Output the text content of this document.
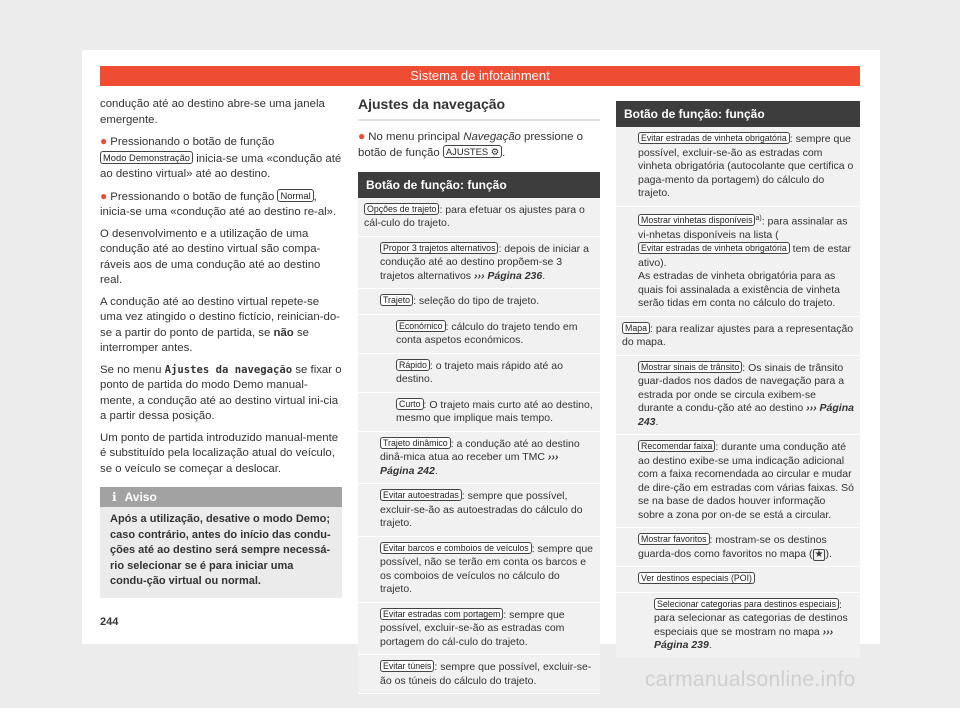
Sistema de infotainment

condução até ao destino abre-se uma janela emergente.

● Pressionando o botão de função Modo Demonstração inicia-se uma «condução até ao destino virtual» até ao destino.
● Pressionando o botão de função Normal , inicia-se uma «condução até ao destino re-al».

O desenvolvimento e a utilização de uma condução até ao destino virtual são compa-ráveis aos de uma condução até ao destino real.

A condução até ao destino virtual repete-se uma vez atingido o destino fictício, reinician-do-se a partir do ponto de partida, se não se interromper antes.

Se no menu Ajustes da navegação se fixar o ponto de partida do modo Demo manual-mente, a condução até ao destino virtual ini-cia a partir dessa posição.

Um ponto de partida introduzido manual-mente é substituído pela localização atual do veículo, se o veículo se começar a deslocar.

ℹ Aviso
Após a utilização, desative o modo Demo; caso contrário, antes do início das condu-ções até ao destino será sempre necessá-rio selecionar se é para iniciar uma condu-ção virtual ou normal.
Ajustes da navegação
● No menu principal Navegação pressione o botão de função AJUSTES ⚙ .
Botão de função: função
Opções de trajeto : para efetuar os ajustes para o cál-culo do trajeto.
Propor 3 trajetos alternativos : depois de iniciar a condução até ao destino propõem-se 3 trajetos alternativos ››› Página 236.
Trajeto : seleção do tipo de trajeto.
Económico : cálculo do trajeto tendo em conta aspetos económicos.
Rápido : o trajeto mais rápido até ao destino.
Curto : O trajeto mais curto até ao destino, mesmo que implique mais tempo.
Trajeto dinâmico : a condução até ao destino dinâ-mica atua ao receber um TMC ››› Página 242.
Evitar autoestradas : sempre que possível, excluir-se-ão as autoestradas do cálculo do trajeto.
Evitar barcos e comboios de veículos : sempre que possível, não se terão em conta os barcos e os comboios de veículos no cálculo do trajeto.
Evitar estradas com portagem : sempre que possível, excluir-se-ão as estradas com portagem do cál-culo do trajeto.
Evitar túneis : sempre que possível, excluir-se-ão os túneis do cálculo do trajeto.
Botão de função: função
Evitar estradas de vinheta obrigatória : sempre que possível, excluir-se-ão as estradas com vinheta obrigatória (autocolante que certifica o paga-mento da portagem) do cálculo do trajeto.
Mostrar vinhetas disponíveis $^{a)}$: para assinalar as vi-nhetas disponíveis na lista (Evitar estradas de vinheta obrigatória tem de estar ativo).
As estradas de vinheta obrigatória para as quais foi assinalada a existência de vinheta serão tidas em conta no cálculo do trajeto.
Mapa : para realizar ajustes para a representação do mapa.
Mostrar sinais de trânsito : Os sinais de trânsito guar-dados nos dados de navegação para a estrada por onde se circula exibem-se durante a condu-ção até ao destino ››› Página 243.
Recomendar faixa : durante uma condução até ao destino exibe-se uma indicação adicional com a faixa recomendada ao circular e mudar de dire-ção em estradas com várias faixas. Só se na base de dados houver informação sobre a zona por on-de se está a circular.
Mostrar favoritos : mostram-se os destinos guarda-dos como favoritos no mapa ( ★ ).
Ver destinos especiais (POI)
Selecionar categorias para destinos especiais : para selecionar as categorias de destinos especiais que se mostram no mapa ››› Página 239.
244
carmanualsonline.info
